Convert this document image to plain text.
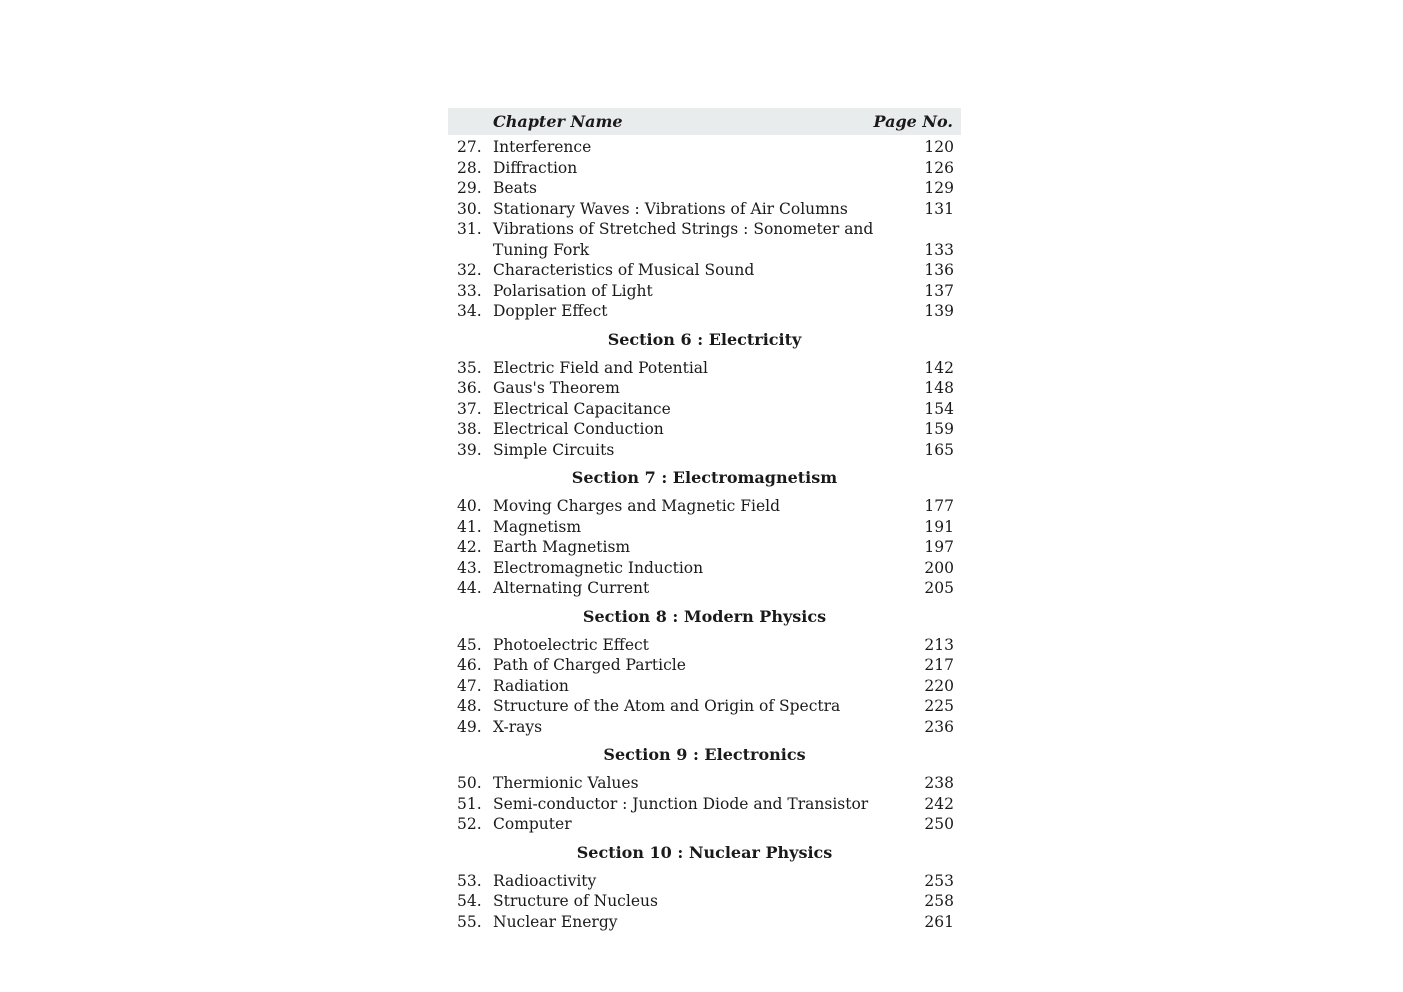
Chapter Name	Page No.
27. Interference	120
28. Diffraction	126
29. Beats	129
30. Stationary Waves : Vibrations of Air Columns	131
31. Vibrations of Stretched Strings : Sonometer and
Tuning Fork	133
32. Characteristics of Musical Sound	136
33. Polarisation of Light	137
34. Doppler Effect	139
Section 6 : Electricity
35. Electric Field and Potential	142
36. Gaus's Theorem	148
37. Electrical Capacitance	154
38. Electrical Conduction	159
39. Simple Circuits	165
Section 7 : Electromagnetism
40. Moving Charges and Magnetic Field	177
41. Magnetism	191
42. Earth Magnetism	197
43. Electromagnetic Induction	200
44. Alternating Current	205
Section 8 : Modern Physics
45. Photoelectric Effect	213
46. Path of Charged Particle	217
47. Radiation	220
48. Structure of the Atom and Origin of Spectra	225
49. X-rays	236
Section 9 : Electronics
50. Thermionic Values	238
51. Semi-conductor : Junction Diode and Transistor	242
52. Computer	250
Section 10 : Nuclear Physics
53. Radioactivity	253
54. Structure of Nucleus	258
55. Nuclear Energy	261
